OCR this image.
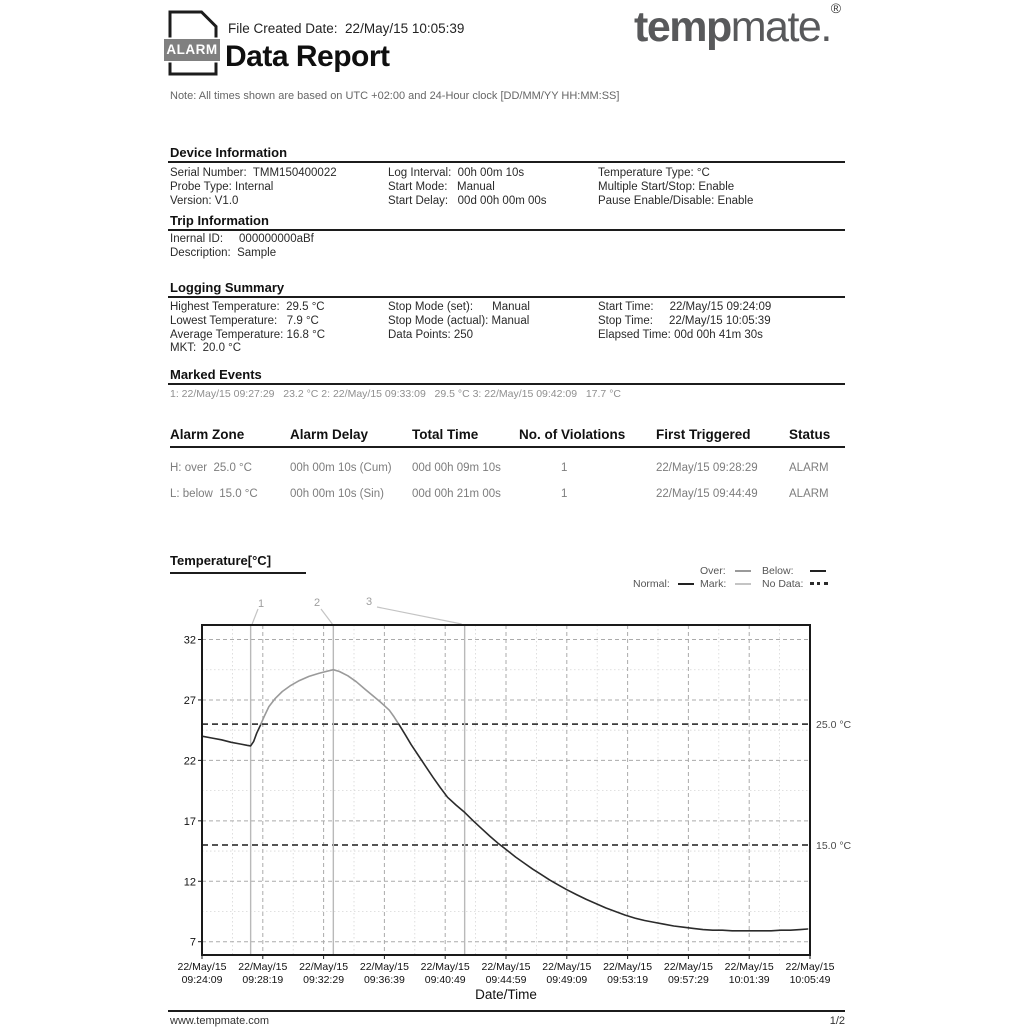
ALARM
File Created Date:  22/May/15 10:05:39
Data Report
tempmate.®
Note: All times shown are based on UTC +02:00 and 24-Hour clock [DD/MM/YY HH:MM:SS]
Device Information
Serial Number:  TMM150400022
Probe Type: Internal
Version: V1.0
Log Interval:  00h 00m 10s
Start Mode:   Manual
Start Delay:   00d 00h 00m 00s
Temperature Type: °C
Multiple Start/Stop: Enable
Pause Enable/Disable: Enable
Trip Information
Inernal ID:     000000000aBf
Description:  Sample
Logging Summary
Highest Temperature:  29.5 °C
Lowest Temperature:   7.9 °C
Average Temperature: 16.8 °C
MKT:  20.0 °C
Stop Mode (set):      Manual
Stop Mode (actual): Manual
Data Points: 250
Start Time:     22/May/15 09:24:09
Stop Time:     22/May/15 10:05:39
Elapsed Time: 00d 00h 41m 30s
Marked Events
1: 22/May/15 09:27:29   23.2 °C 2: 22/May/15 09:33:09   29.5 °C 3: 22/May/15 09:42:09   17.7 °C
Alarm Zone	Alarm Delay	Total Time	No. of Violations	First Triggered	Status
H: over  25.0 °C	00h 00m 10s (Cum)	00d 00h 09m 10s	1	22/May/15 09:28:29	ALARM
L: below  15.0 °C	00h 00m 10s (Sin)	00d 00h 21m 00s	1	22/May/15 09:44:49	ALARM
Temperature[°C]
Normal:
Over:
Mark:
Below:
No Data:
25.0 °C
15.0 °C
1	2	3
32
27
22
17
12
7
22/May/15
09:24:09
22/May/15
09:28:19
22/May/15
09:32:29
22/May/15
09:36:39
22/May/15
09:40:49
22/May/15
09:44:59
22/May/15
09:49:09
22/May/15
09:53:19
22/May/15
09:57:29
22/May/15
10:01:39
22/May/15
10:05:49
Date/Time
www.tempmate.com	1/2
